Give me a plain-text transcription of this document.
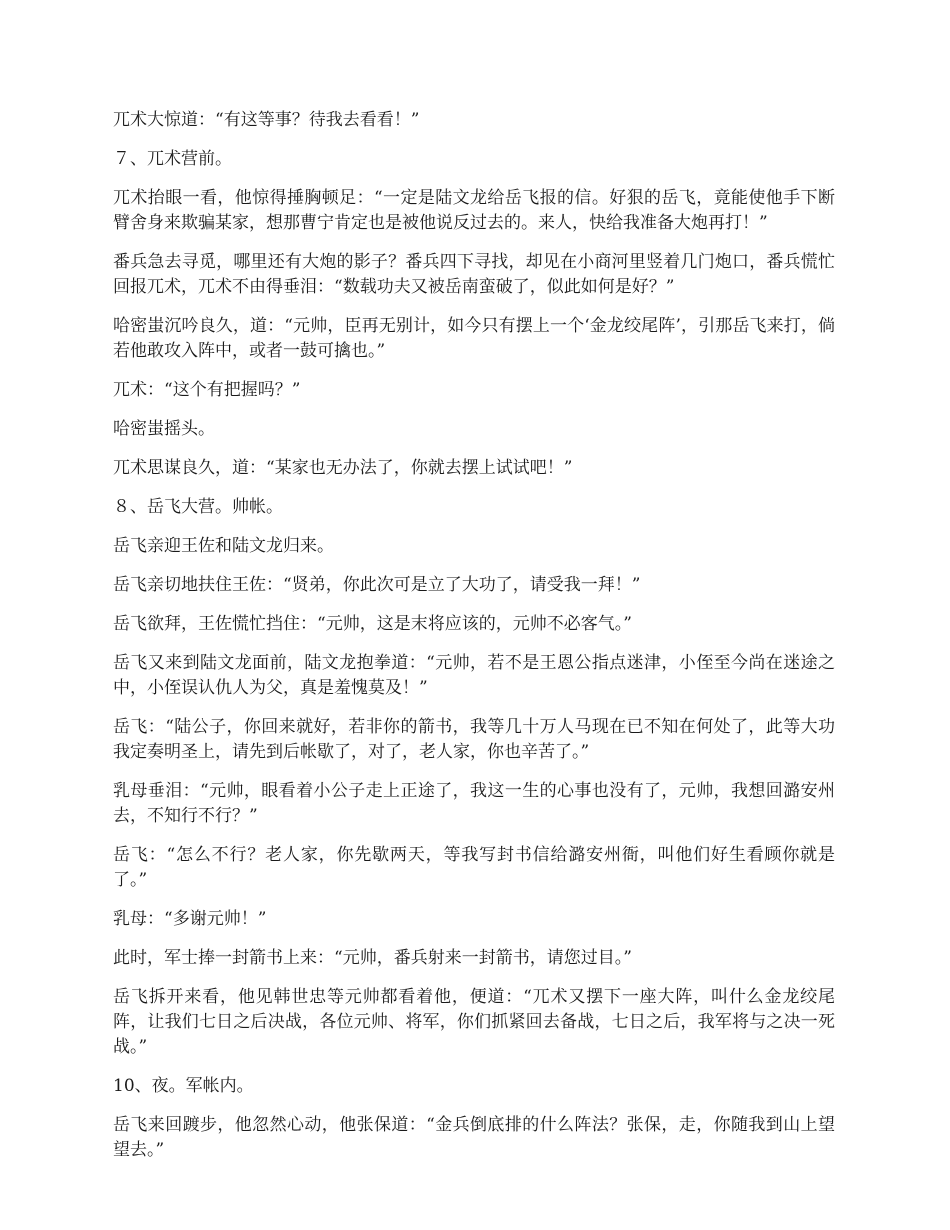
兀术大惊道：“有这等事？待我去看看！”

７、兀术营前。

兀术抬眼一看，他惊得捶胸顿足：“一定是陆文龙给岳飞报的信。好狠的岳飞，竟能使他手下断臂舍身来欺骗某家，想那曹宁肯定也是被他说反过去的。来人，快给我准备大炮再打！”

番兵急去寻觅，哪里还有大炮的影子？番兵四下寻找，却见在小商河里竖着几门炮口，番兵慌忙回报兀术，兀术不由得垂泪：“数载功夫又被岳南蛮破了，似此如何是好？”

哈密蚩沉吟良久，道：“元帅，臣再无别计，如今只有摆上一个‘金龙绞尾阵’，引那岳飞来打，倘若他敢攻入阵中，或者一鼓可擒也。”

兀术：“这个有把握吗？”

哈密蚩摇头。

兀术思谋良久，道：“某家也无办法了，你就去摆上试试吧！”

８、岳飞大营。帅帐。

岳飞亲迎王佐和陆文龙归来。

岳飞亲切地扶住王佐：“贤弟，你此次可是立了大功了，请受我一拜！”

岳飞欲拜，王佐慌忙挡住：“元帅，这是末将应该的，元帅不必客气。”

岳飞又来到陆文龙面前，陆文龙抱拳道：“元帅，若不是王恩公指点迷津，小侄至今尚在迷途之中，小侄误认仇人为父，真是羞愧莫及！”

岳飞：“陆公子，你回来就好，若非你的箭书，我等几十万人马现在已不知在何处了，此等大功我定奏明圣上，请先到后帐歇了，对了，老人家，你也辛苦了。”

乳母垂泪：“元帅，眼看着小公子走上正途了，我这一生的心事也没有了，元帅，我想回潞安州去，不知行不行？”

岳飞：“怎么不行？老人家，你先歇两天，等我写封书信给潞安州衙，叫他们好生看顾你就是了。”

乳母：“多谢元帅！”

此时，军士捧一封箭书上来：“元帅，番兵射来一封箭书，请您过目。”

岳飞拆开来看，他见韩世忠等元帅都看着他，便道：“兀术又摆下一座大阵，叫什么金龙绞尾阵，让我们七日之后决战，各位元帅、将军，你们抓紧回去备战，七日之后，我军将与之决一死战。”

10、夜。军帐内。

岳飞来回踱步，他忽然心动，他张保道：“金兵倒底排的什么阵法？张保，走，你随我到山上望望去。”
